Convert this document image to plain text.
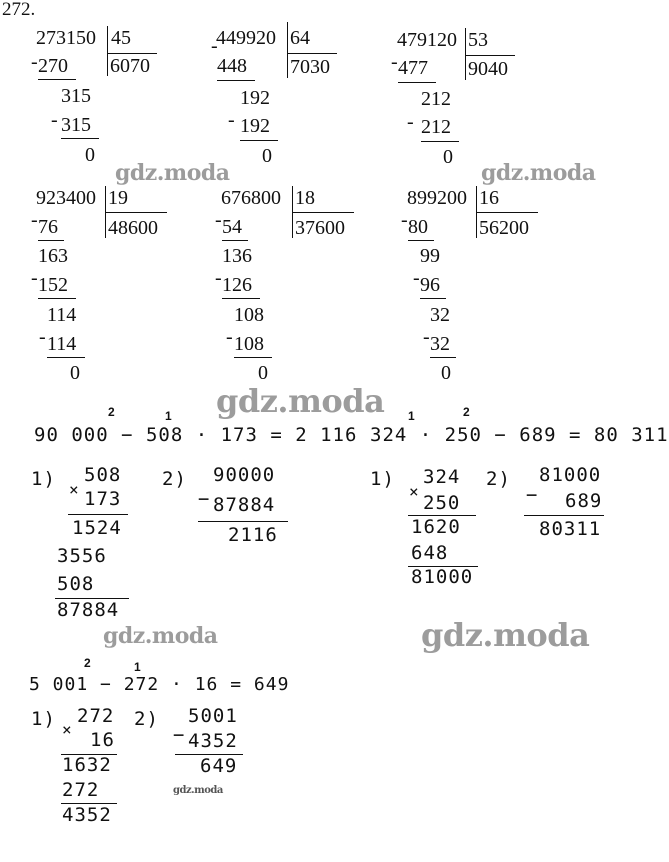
272.
273150 45
6070
- 270
315
- 315
0
449920 64
7030
-
448
192
- 192
0
479120 53
9040
- 477
212
- 212
0
923400 19
48600
- 76
163
- 152
114
- 114
0
676800 18
37600
- 54
136
- 126
108
- 108
0
899200 16
56200
- 80
99
- 96
32
- 32
0
2	1
90 000 − 508 · 173 = 2 116
1) 508
× 173
1524
3556
508
87884
2) 90000
− 87884
2116
1	2
324 · 250 − 689 = 80 311
1) 324
×
250
1620
648
81000
2) 81000
− 689
80311
2	1
5 001 − 272 · 16 = 649
1) 272
× 16
1632
272
4352
2) 5001
− 4352
649
gdz.moda	gdz.moda
gdz.moda
gdz.moda	gdz.moda
gdz.moda
